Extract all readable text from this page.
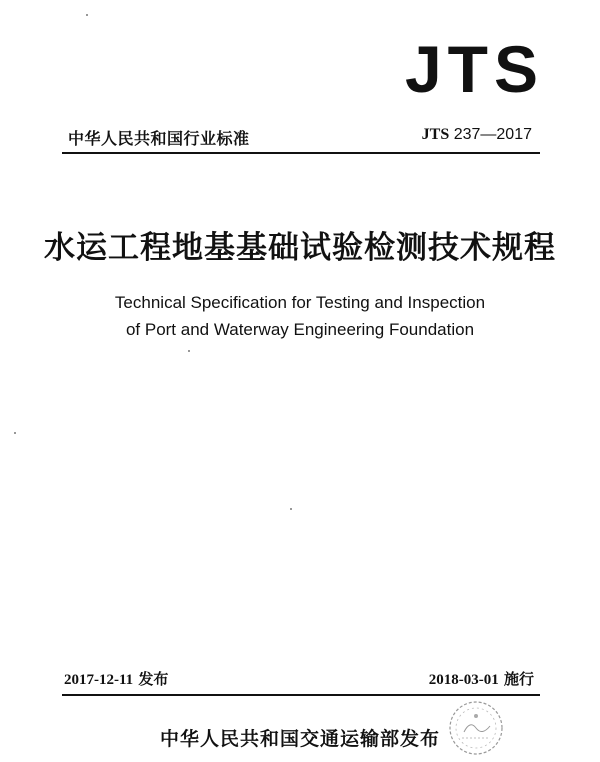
JTS
中华人民共和国行业标准	JTS 237—2017
水运工程地基基础试验检测技术规程
Technical Specification for Testing and Inspection
of Port and Waterway Engineering Foundation
2017-12-11 发布	2018-03-01 施行
中华人民共和国交通运输部发布
